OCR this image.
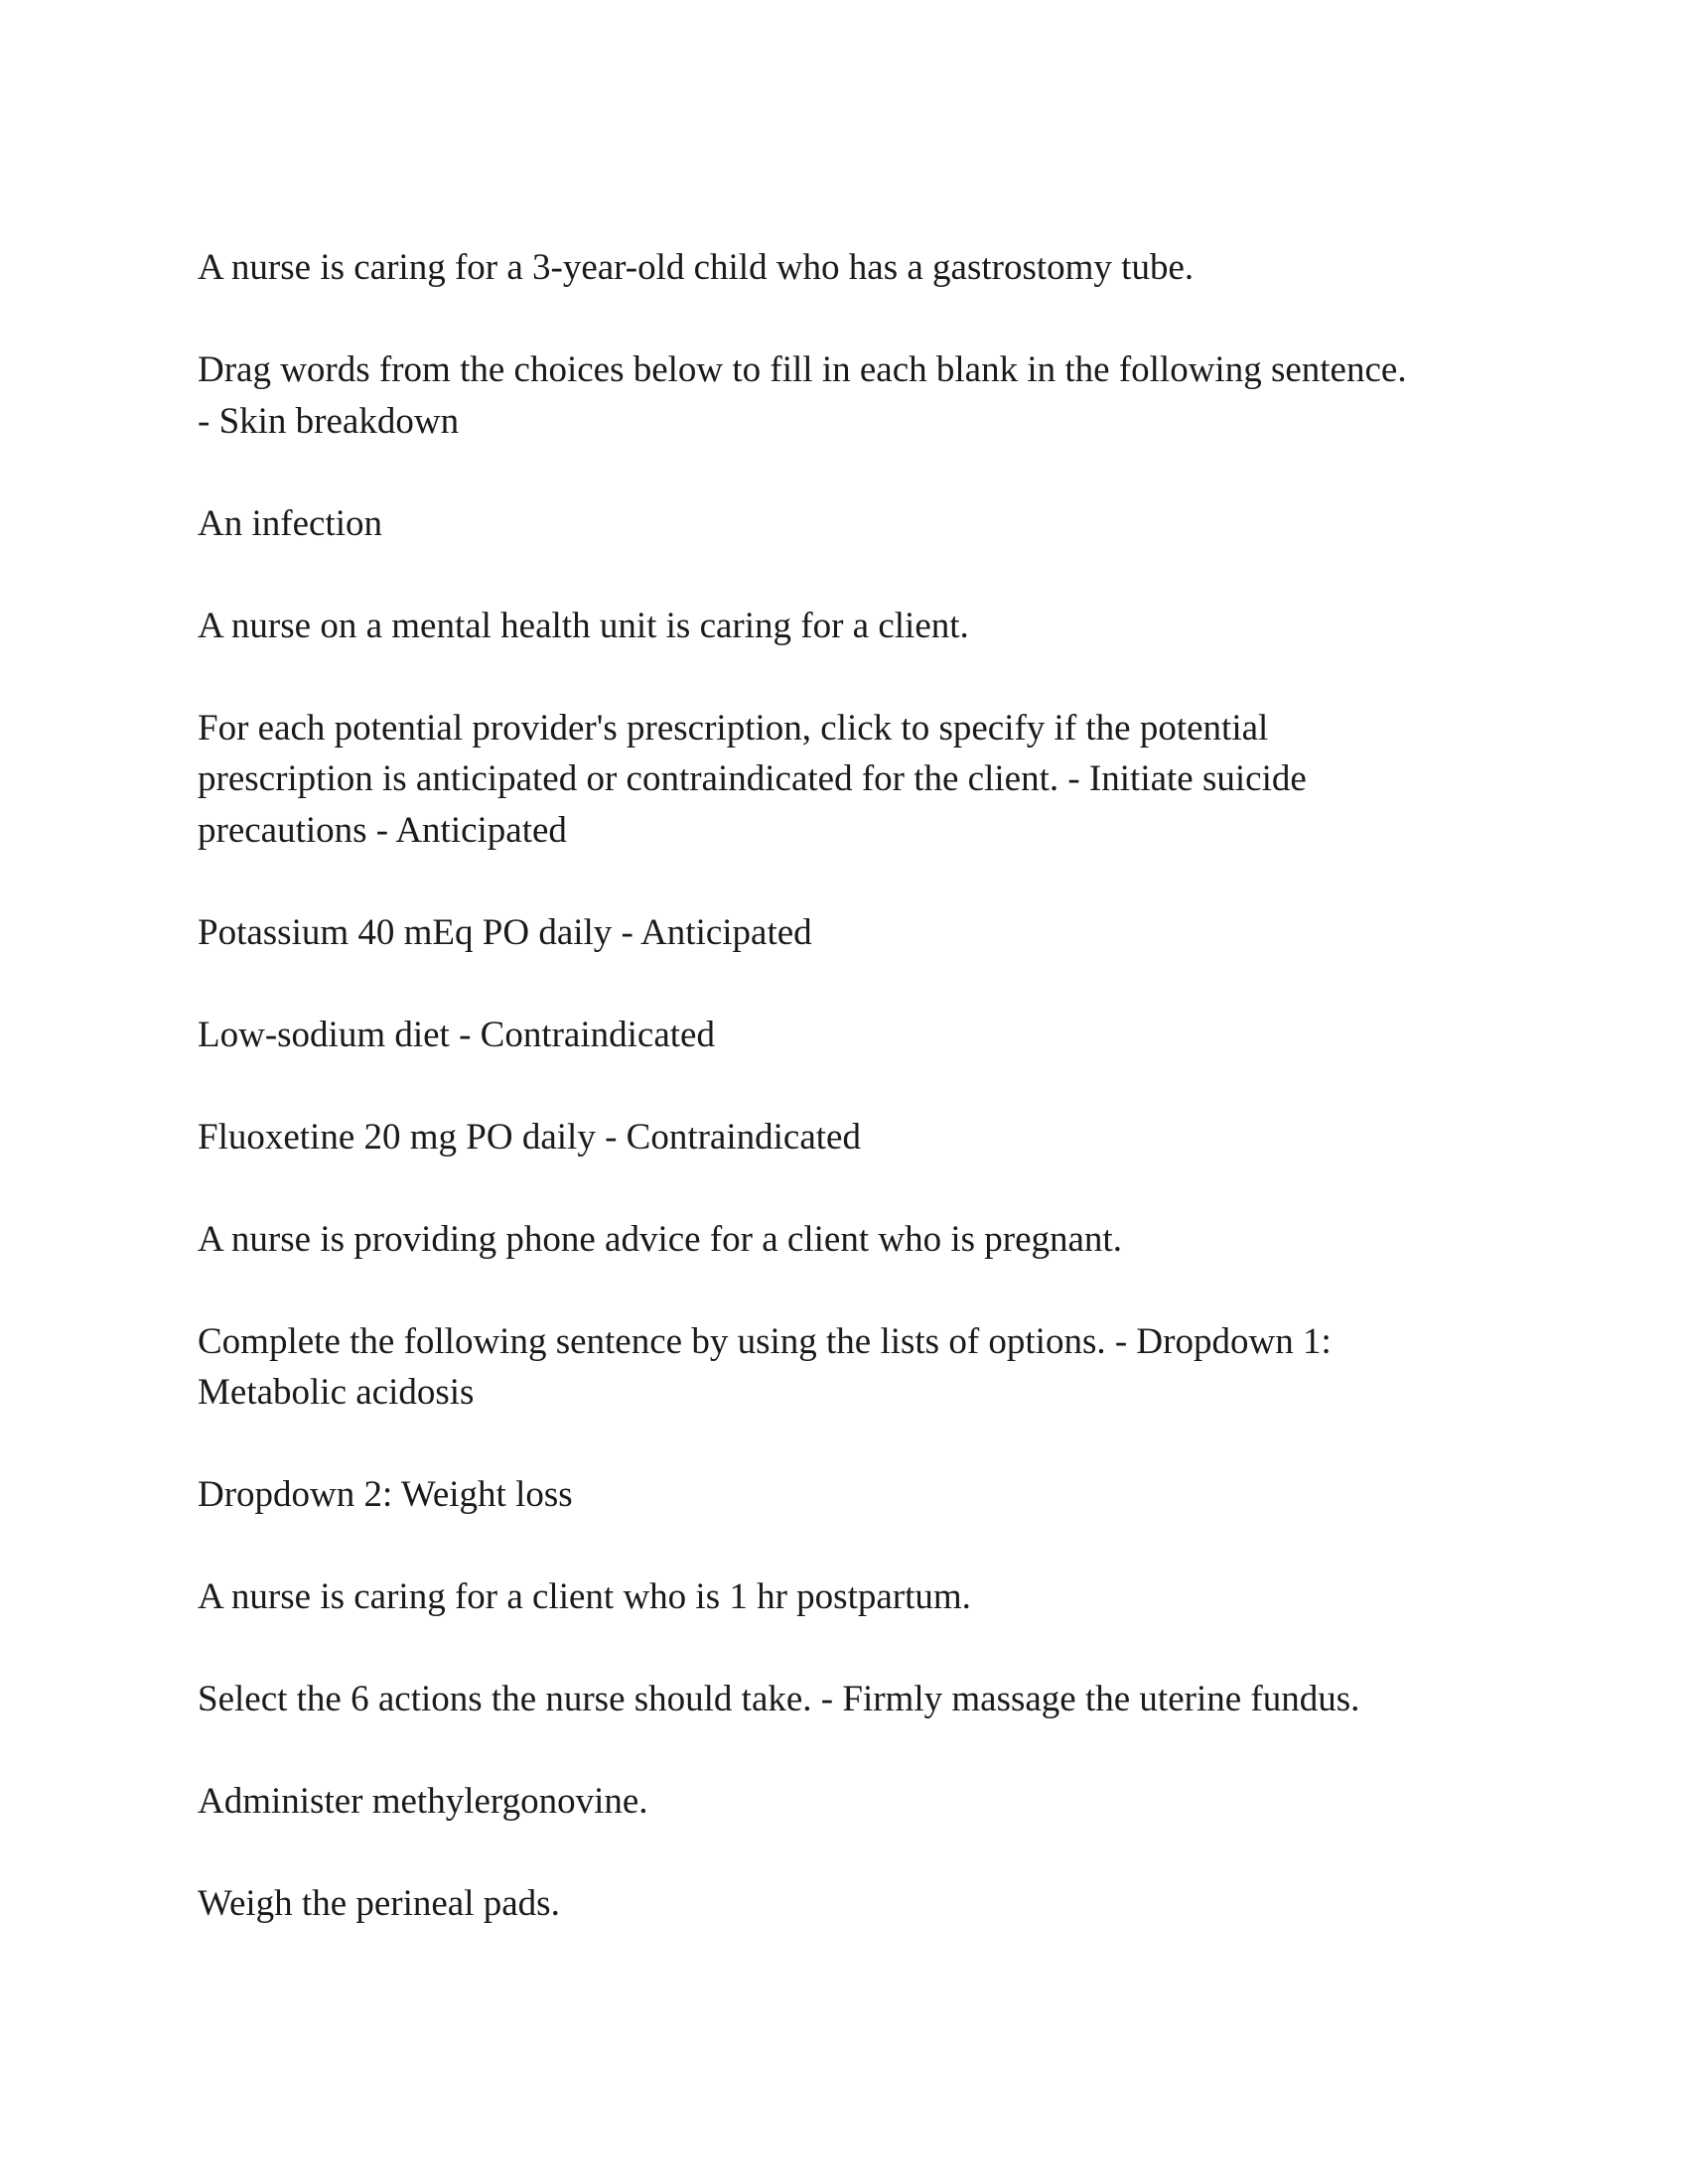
A nurse is caring for a 3-year-old child who has a gastrostomy tube.

Drag words from the choices below to fill in each blank in the following sentence.
- Skin breakdown

An infection

A nurse on a mental health unit is caring for a client.

For each potential provider's prescription, click to specify if the potential
prescription is anticipated or contraindicated for the client. - Initiate suicide
precautions - Anticipated

Potassium 40 mEq PO daily - Anticipated

Low-sodium diet - Contraindicated

Fluoxetine 20 mg PO daily - Contraindicated

A nurse is providing phone advice for a client who is pregnant.

Complete the following sentence by using the lists of options. - Dropdown 1:
Metabolic acidosis

Dropdown 2: Weight loss

A nurse is caring for a client who is 1 hr postpartum.

Select the 6 actions the nurse should take. - Firmly massage the uterine fundus.

Administer methylergonovine.

Weigh the perineal pads.
